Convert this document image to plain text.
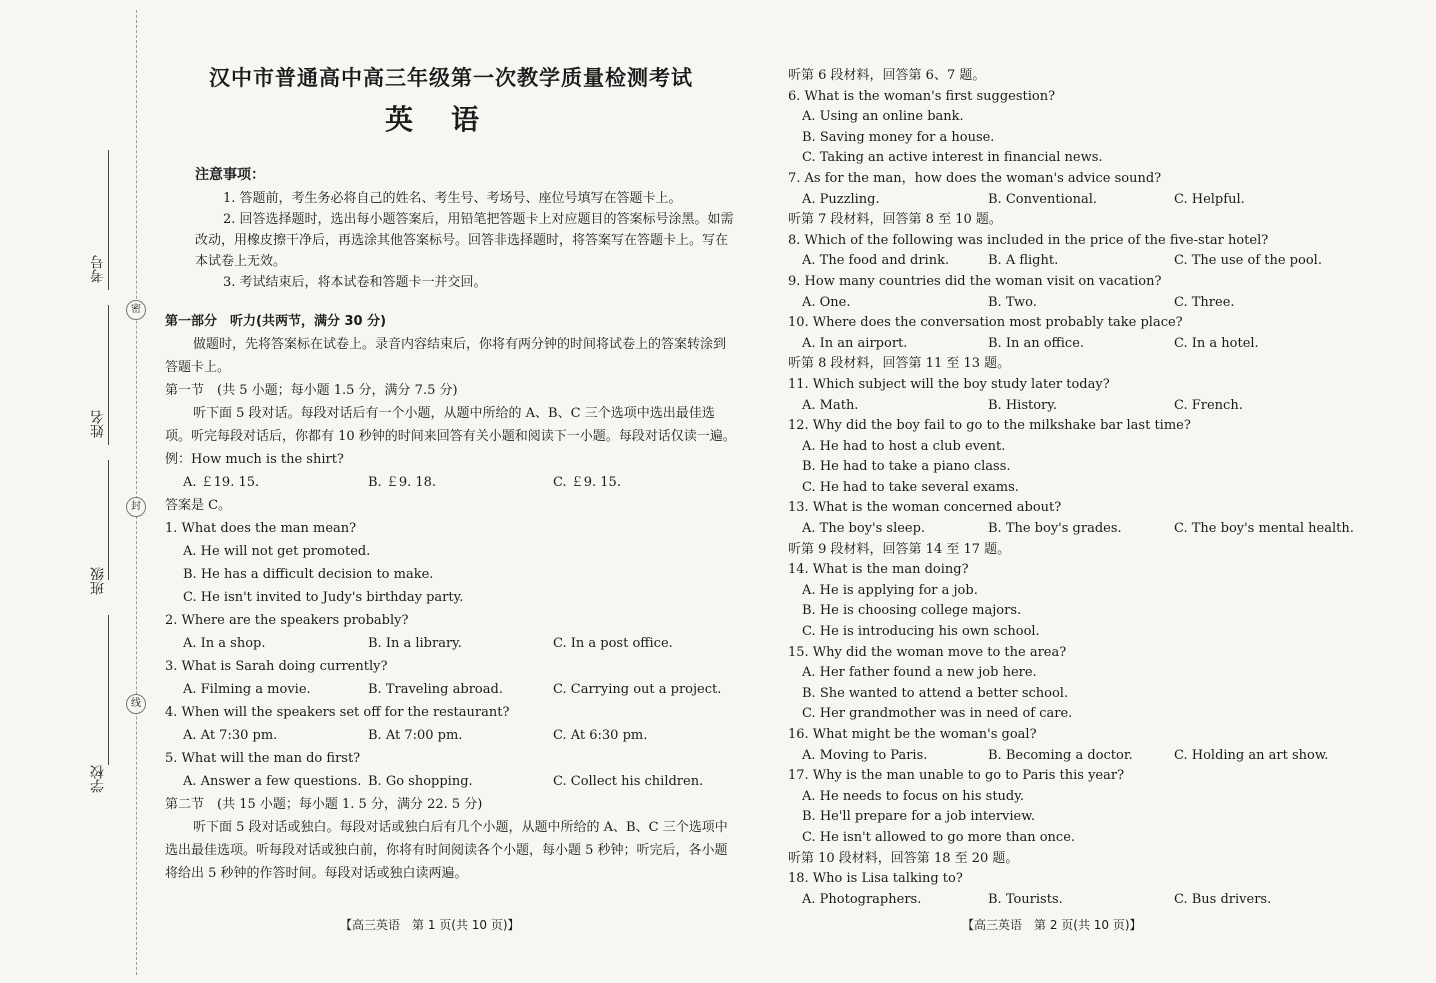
考号
密
姓名
封
班级
线
学校
汉中市普通高中高三年级第一次教学质量检测考试
英语
注意事项：
1. 答题前，考生务必将自己的姓名、考生号、考场号、座位号填写在答题卡上。
2. 回答选择题时，选出每小题答案后，用铅笔把答题卡上对应题目的答案标号涂黑。如需改动，用橡皮擦干净后，再选涂其他答案标号。回答非选择题时，将答案写在答题卡上。写在本试卷上无效。
3. 考试结束后，将本试卷和答题卡一并交回。
第一部分　听力(共两节，满分 30 分)
做题时，先将答案标在试卷上。录音内容结束后，你将有两分钟的时间将试卷上的答案转涂到答题卡上。
第一节　(共 5 小题；每小题 1.5 分，满分 7.5 分)
听下面 5 段对话。每段对话后有一个小题，从题中所给的 A、B、C 三个选项中选出最佳选项。听完每段对话后，你都有 10 秒钟的时间来回答有关小题和阅读下一小题。每段对话仅读一遍。
例：How much is the shirt?
A. ￡19. 15.	B. ￡9. 18.	C. ￡9. 15.
答案是 C。
1. What does the man mean?
A. He will not get promoted.
B. He has a difficult decision to make.
C. He isn't invited to Judy's birthday party.
2. Where are the speakers probably?
A. In a shop.	B. In a library.	C. In a post office.
3. What is Sarah doing currently?
A. Filming a movie.	B. Traveling abroad.	C. Carrying out a project.
4. When will the speakers set off for the restaurant?
A. At 7:30 pm.	B. At 7:00 pm.	C. At 6:30 pm.
5. What will the man do first?
A. Answer a few questions. B. Go shopping.	C. Collect his children.
第二节　(共 15 小题；每小题 1. 5 分，满分 22. 5 分)
听下面 5 段对话或独白。每段对话或独白后有几个小题，从题中所给的 A、B、C 三个选项中选出最佳选项。听每段对话或独白前，你将有时间阅读各个小题，每小题 5 秒钟；听完后，各小题将给出 5 秒钟的作答时间。每段对话或独白读两遍。
【高三英语　第 1 页(共 10 页)】
听第 6 段材料，回答第 6、7 题。
6. What is the woman's first suggestion?
A. Using an online bank.
B. Saving money for a house.
C. Taking an active interest in financial news.
7. As for the man，how does the woman's advice sound?
A. Puzzling.	B. Conventional.	C. Helpful.
听第 7 段材料，回答第 8 至 10 题。
8. Which of the following was included in the price of the five-star hotel?
A. The food and drink.	B. A flight.	C. The use of the pool.
9. How many countries did the woman visit on vacation?
A. One.	B. Two.	C. Three.
10. Where does the conversation most probably take place?
A. In an airport.	B. In an office.	C. In a hotel.
听第 8 段材料，回答第 11 至 13 题。
11. Which subject will the boy study later today?
A. Math.	B. History.	C. French.
12. Why did the boy fail to go to the milkshake bar last time?
A. He had to host a club event.
B. He had to take a piano class.
C. He had to take several exams.
13. What is the woman concerned about?
A. The boy's sleep.	B. The boy's grades.	C. The boy's mental health.
听第 9 段材料，回答第 14 至 17 题。
14. What is the man doing?
A. He is applying for a job.
B. He is choosing college majors.
C. He is introducing his own school.
15. Why did the woman move to the area?
A. Her father found a new job here.
B. She wanted to attend a better school.
C. Her grandmother was in need of care.
16. What might be the woman's goal?
A. Moving to Paris.	B. Becoming a doctor.	C. Holding an art show.
17. Why is the man unable to go to Paris this year?
A. He needs to focus on his study.
B. He'll prepare for a job interview.
C. He isn't allowed to go more than once.
听第 10 段材料，回答第 18 至 20 题。
18. Who is Lisa talking to?
A. Photographers.	B. Tourists.	C. Bus drivers.
【高三英语　第 2 页(共 10 页)】
